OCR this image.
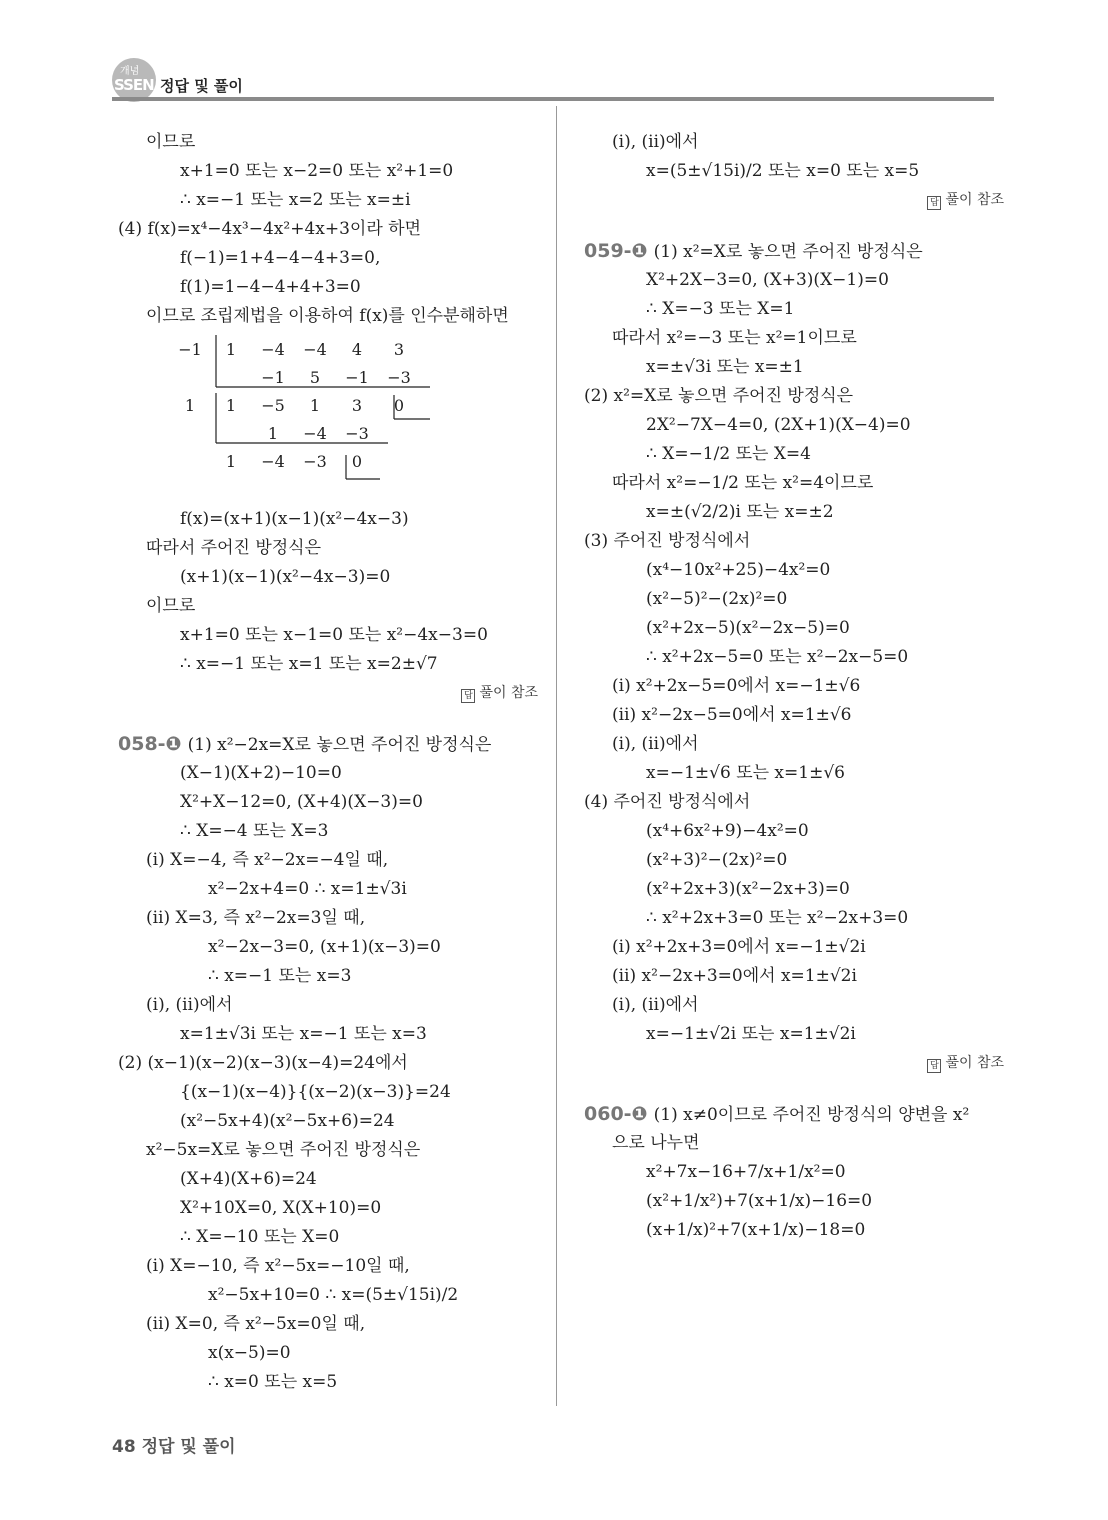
개념
SSEN 정답 및 풀이
이므로
x+1=0 또는 x−2=0 또는 x²+1=0
∴ x=−1 또는 x=2 또는 x=±i
(4) f(x)=x⁴−4x³−4x²+4x+3이라 하면
f(−1)=1+4−4−4+3=0,
f(1)=1−4−4+4+3=0
이므로 조립제법을 이용하여 f(x)를 인수분해하면
−1	1	−4	−4	4	3
		−1	5	−1	−3
1	1	−5	1	3	0
		1	−4	−3	
	1	−4	−3	0	
f(x)=(x+1)(x−1)(x²−4x−3)
따라서 주어진 방정식은
(x+1)(x−1)(x²−4x−3)=0
이므로
x+1=0 또는 x−1=0 또는 x²−4x−3=0
∴ x=−1 또는 x=1 또는 x=2±√7
답 풀이 참조
058-❶ (1) x²−2x=X로 놓으면 주어진 방정식은
(X−1)(X+2)−10=0
X²+X−12=0, (X+4)(X−3)=0
∴ X=−4 또는 X=3
(ⅰ) X=−4, 즉 x²−2x=−4일 때,
x²−2x+4=0 ∴ x=1±√3i
(ⅱ) X=3, 즉 x²−2x=3일 때,
x²−2x−3=0, (x+1)(x−3)=0
∴ x=−1 또는 x=3
(ⅰ), (ⅱ)에서
x=1±√3i 또는 x=−1 또는 x=3
(2) (x−1)(x−2)(x−3)(x−4)=24에서
{(x−1)(x−4)}{(x−2)(x−3)}=24
(x²−5x+4)(x²−5x+6)=24
x²−5x=X로 놓으면 주어진 방정식은
(X+4)(X+6)=24
X²+10X=0, X(X+10)=0
∴ X=−10 또는 X=0
(ⅰ) X=−10, 즉 x²−5x=−10일 때,
x²−5x+10=0 ∴ x=(5±√15i)/2
(ⅱ) X=0, 즉 x²−5x=0일 때,
x(x−5)=0
∴ x=0 또는 x=5
(ⅰ), (ⅱ)에서
x=(5±√15i)/2 또는 x=0 또는 x=5
답 풀이 참조
059-❶ (1) x²=X로 놓으면 주어진 방정식은
X²+2X−3=0, (X+3)(X−1)=0
∴ X=−3 또는 X=1
따라서 x²=−3 또는 x²=1이므로
x=±√3i 또는 x=±1
(2) x²=X로 놓으면 주어진 방정식은
2X²−7X−4=0, (2X+1)(X−4)=0
∴ X=−1/2 또는 X=4
따라서 x²=−1/2 또는 x²=4이므로
x=±(√2/2)i 또는 x=±2
(3) 주어진 방정식에서
(x⁴−10x²+25)−4x²=0
(x²−5)²−(2x)²=0
(x²+2x−5)(x²−2x−5)=0
∴ x²+2x−5=0 또는 x²−2x−5=0
(ⅰ) x²+2x−5=0에서 x=−1±√6
(ⅱ) x²−2x−5=0에서 x=1±√6
(ⅰ), (ⅱ)에서
x=−1±√6 또는 x=1±√6
(4) 주어진 방정식에서
(x⁴+6x²+9)−4x²=0
(x²+3)²−(2x)²=0
(x²+2x+3)(x²−2x+3)=0
∴ x²+2x+3=0 또는 x²−2x+3=0
(ⅰ) x²+2x+3=0에서 x=−1±√2i
(ⅱ) x²−2x+3=0에서 x=1±√2i
(ⅰ), (ⅱ)에서
x=−1±√2i 또는 x=1±√2i
답 풀이 참조
060-❶ (1) x≠0이므로 주어진 방정식의 양변을 x²
으로 나누면
x²+7x−16+7/x+1/x²=0
(x²+1/x²)+7(x+1/x)−16=0
(x+1/x)²+7(x+1/x)−18=0
48 정답 및 풀이
